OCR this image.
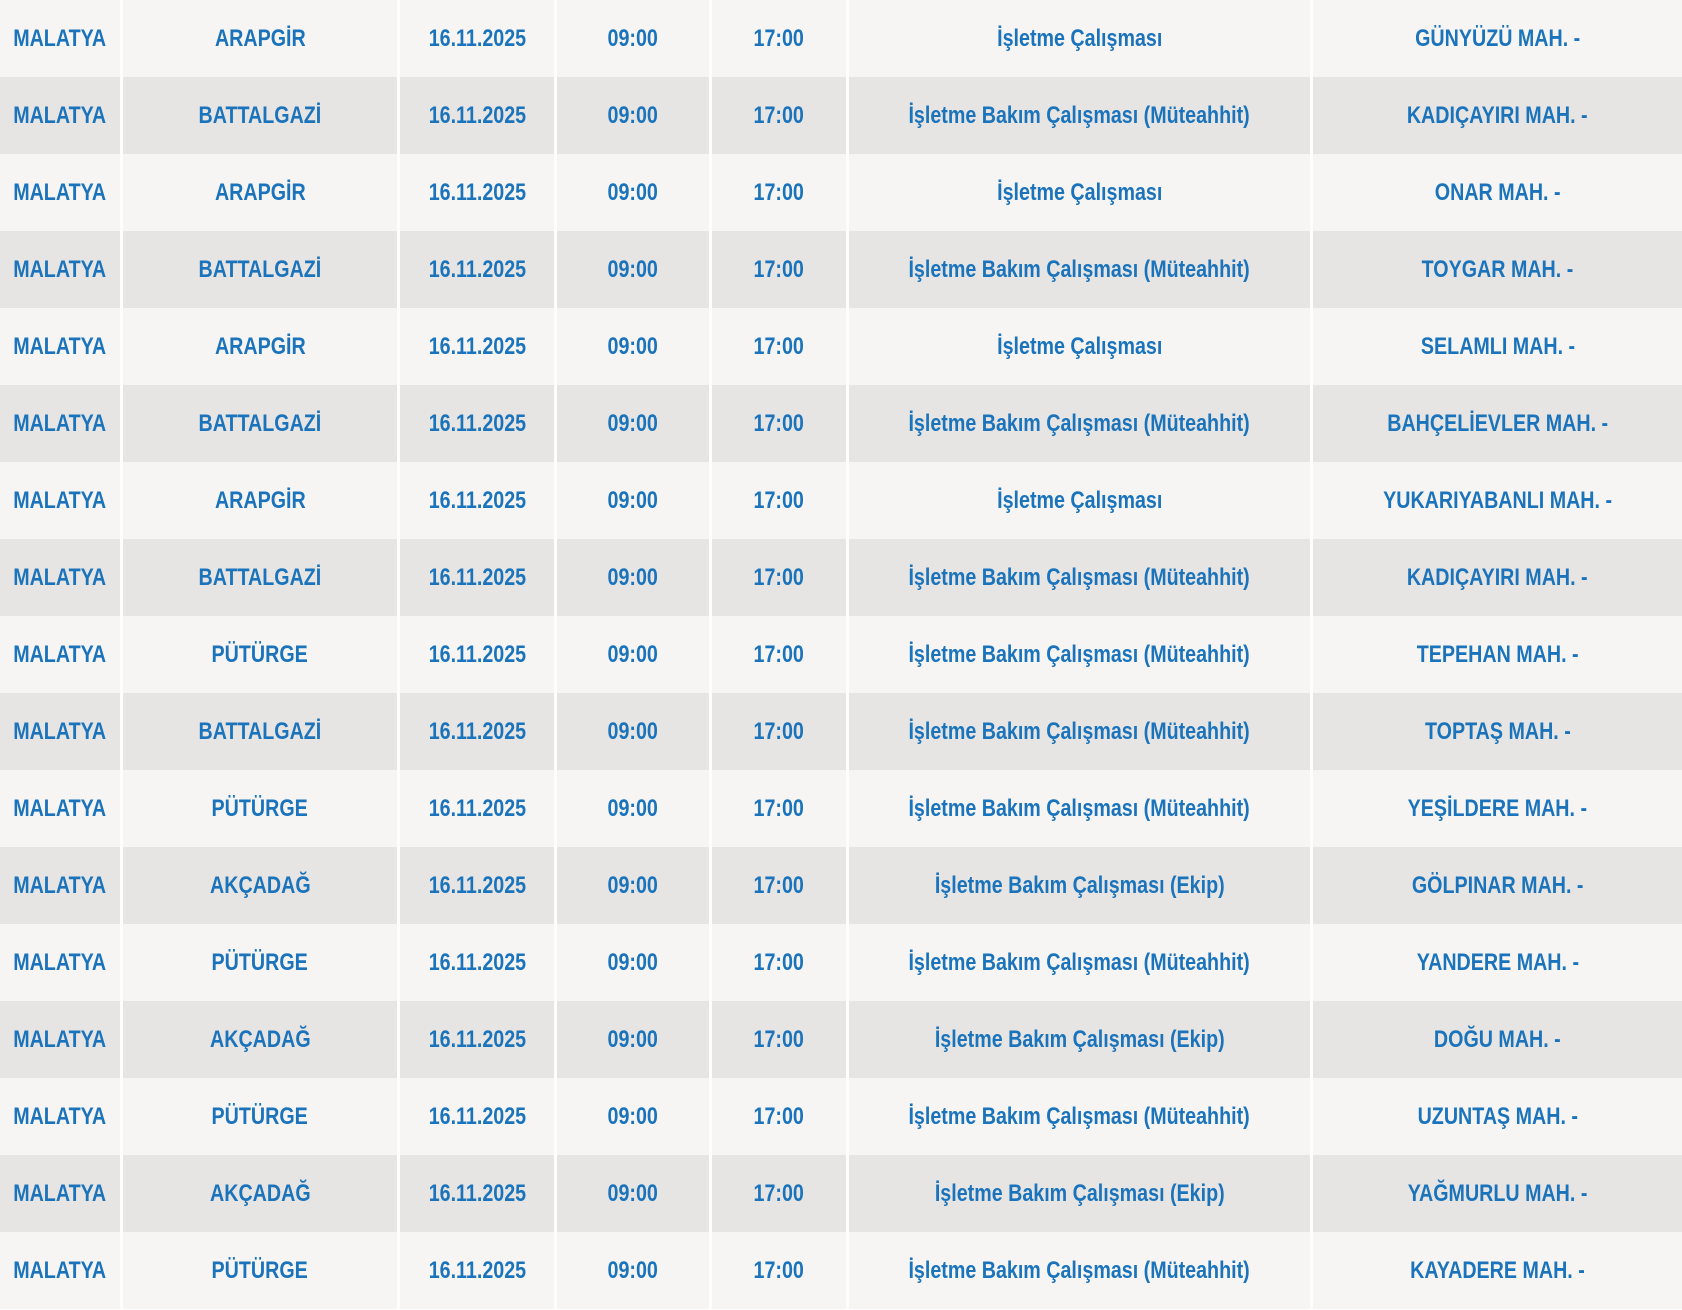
MALATYA	ARAPGİR	16.11.2025	09:00	17:00	İşletme Çalışması	GÜNYÜZÜ MAH. -
MALATYA	BATTALGAZİ	16.11.2025	09:00	17:00	İşletme Bakım Çalışması (Müteahhit)	KADIÇAYIRI MAH. -
MALATYA	ARAPGİR	16.11.2025	09:00	17:00	İşletme Çalışması	ONAR MAH. -
MALATYA	BATTALGAZİ	16.11.2025	09:00	17:00	İşletme Bakım Çalışması (Müteahhit)	TOYGAR MAH. -
MALATYA	ARAPGİR	16.11.2025	09:00	17:00	İşletme Çalışması	SELAMLI MAH. -
MALATYA	BATTALGAZİ	16.11.2025	09:00	17:00	İşletme Bakım Çalışması (Müteahhit)	BAHÇELİEVLER MAH. -
MALATYA	ARAPGİR	16.11.2025	09:00	17:00	İşletme Çalışması	YUKARIYABANLI MAH. -
MALATYA	BATTALGAZİ	16.11.2025	09:00	17:00	İşletme Bakım Çalışması (Müteahhit)	KADIÇAYIRI MAH. -
MALATYA	PÜTÜRGE	16.11.2025	09:00	17:00	İşletme Bakım Çalışması (Müteahhit)	TEPEHAN MAH. -
MALATYA	BATTALGAZİ	16.11.2025	09:00	17:00	İşletme Bakım Çalışması (Müteahhit)	TOPTAŞ MAH. -
MALATYA	PÜTÜRGE	16.11.2025	09:00	17:00	İşletme Bakım Çalışması (Müteahhit)	YEŞİLDERE MAH. -
MALATYA	AKÇADAĞ	16.11.2025	09:00	17:00	İşletme Bakım Çalışması (Ekip)	GÖLPINAR MAH. -
MALATYA	PÜTÜRGE	16.11.2025	09:00	17:00	İşletme Bakım Çalışması (Müteahhit)	YANDERE MAH. -
MALATYA	AKÇADAĞ	16.11.2025	09:00	17:00	İşletme Bakım Çalışması (Ekip)	DOĞU MAH. -
MALATYA	PÜTÜRGE	16.11.2025	09:00	17:00	İşletme Bakım Çalışması (Müteahhit)	UZUNTAŞ MAH. -
MALATYA	AKÇADAĞ	16.11.2025	09:00	17:00	İşletme Bakım Çalışması (Ekip)	YAĞMURLU MAH. -
MALATYA	PÜTÜRGE	16.11.2025	09:00	17:00	İşletme Bakım Çalışması (Müteahhit)	KAYADERE MAH. -
